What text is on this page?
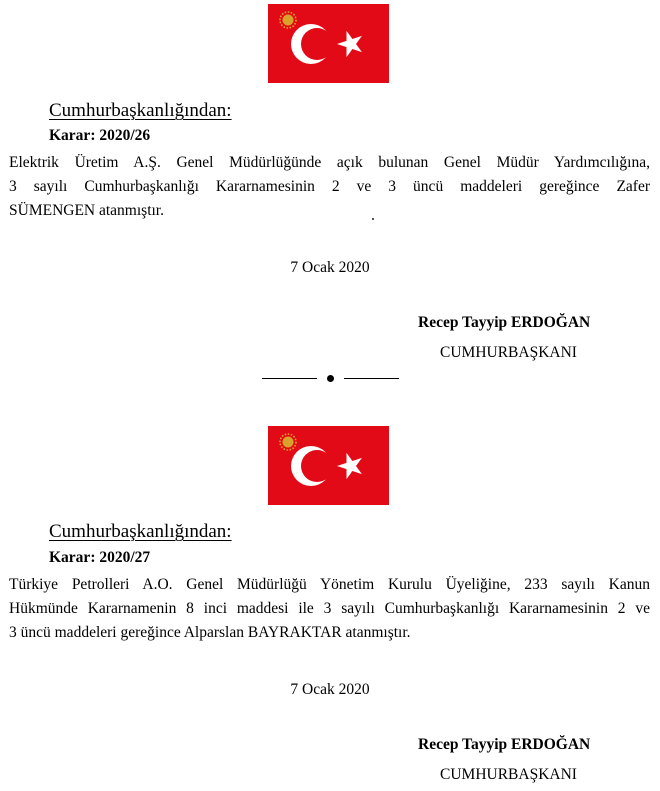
Cumhurbaşkanlığından:
Karar: 2020/26
Elektrik Üretim A.Ş. Genel Müdürlüğünde açık bulunan Genel Müdür Yardımcılığına,
3 sayılı Cumhurbaşkanlığı Kararnamesinin 2 ve 3 üncü maddeleri gereğince Zafer
SÜMENGEN atanmıştır.
7 Ocak 2020
Recep Tayyip ERDOĞAN
CUMHURBAŞKANI
Cumhurbaşkanlığından:
Karar: 2020/27
Türkiye Petrolleri A.O. Genel Müdürlüğü Yönetim Kurulu Üyeliğine, 233 sayılı Kanun
Hükmünde Kararnamenin 8 inci maddesi ile 3 sayılı Cumhurbaşkanlığı Kararnamesinin 2 ve
3 üncü maddeleri gereğince Alparslan BAYRAKTAR atanmıştır.
7 Ocak 2020
Recep Tayyip ERDOĞAN
CUMHURBAŞKANI
